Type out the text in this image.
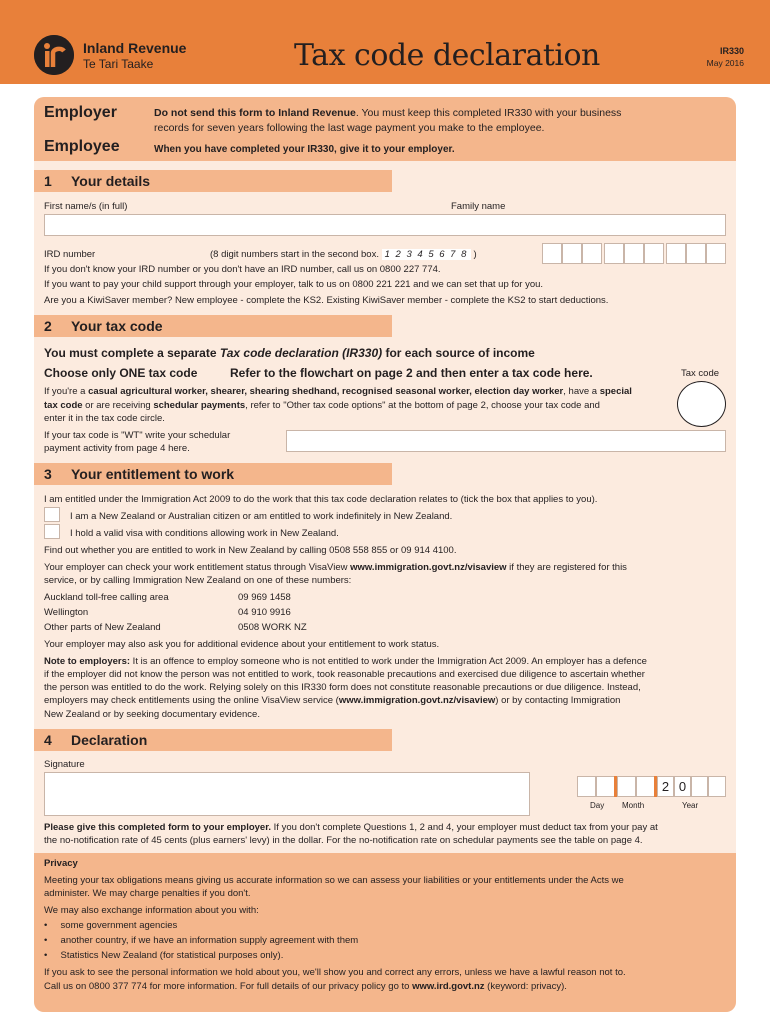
Inland Revenue
Te Tari Taake	Tax code declaration	IR330
May 2016
Employer
Employee
Do not send this form to Inland Revenue. You must keep this completed IR330 with your business
records for seven years following the last wage payment you make to the employee.
When you have completed your IR330, give it to your employer.
1 Your details
First name/s (in full)	Family name
IRD number	(8 digit numbers start in the second box. 1 2 3 4 5 6 7 8 )
If you don't know your IRD number or you don't have an IRD number, call us on 0800 227 774.
If you want to pay your child support through your employer, talk to us on 0800 221 221 and we can set that up for you.
Are you a KiwiSaver member? New employee - complete the KS2. Existing KiwiSaver member - complete the KS2 to start deductions.
2 Your tax code
You must complete a separate Tax code declaration (IR330) for each source of income
Choose only ONE tax code	Refer to the flowchart on page 2 and then enter a tax code here.	Tax code
If you're a casual agricultural worker, shearer, shearing shedhand, recognised seasonal worker, election day worker, have a special
tax code or are receiving schedular payments, refer to "Other tax code options" at the bottom of page 2, choose your tax code and
enter it in the tax code circle.
If your tax code is "WT" write your schedular
payment activity from page 4 here.
3 Your entitlement to work
I am entitled under the Immigration Act 2009 to do the work that this tax code declaration relates to (tick the box that applies to you).
I am a New Zealand or Australian citizen or am entitled to work indefinitely in New Zealand.
I hold a valid visa with conditions allowing work in New Zealand.
Find out whether you are entitled to work in New Zealand by calling 0508 558 855 or 09 914 4100.
Your employer can check your work entitlement status through VisaView www.immigration.govt.nz/visaview if they are registered for this
service, or by calling Immigration New Zealand on one of these numbers:
Auckland toll-free calling area	09 969 1458
Wellington	04 910 9916
Other parts of New Zealand	0508 WORK NZ
Your employer may also ask you for additional evidence about your entitlement to work status.
Note to employers: It is an offence to employ someone who is not entitled to work under the Immigration Act 2009. An employer has a defence
if the employer did not know the person was not entitled to work, took reasonable precautions and exercised due diligence to ascertain whether
the person was entitled to do the work. Relying solely on this IR330 form does not constitute reasonable precautions or due diligence. Instead,
employers may check entitlements using the online VisaView service (www.immigration.govt.nz/visaview) or by contacting Immigration
New Zealand or by seeking documentary evidence.
4 Declaration
Signature
2 0
Day Month	Year
Please give this completed form to your employer. If you don't complete Questions 1, 2 and 4, your employer must deduct tax from your pay at
the no-notification rate of 45 cents (plus earners' levy) in the dollar. For the no-notification rate on schedular payments see the table on page 4.
Privacy
Meeting your tax obligations means giving us accurate information so we can assess your liabilities or your entitlements under the Acts we
administer. We may charge penalties if you don't.
We may also exchange information about you with:
•     some government agencies
•     another country, if we have an information supply agreement with them
•     Statistics New Zealand (for statistical purposes only).
If you ask to see the personal information we hold about you, we'll show you and correct any errors, unless we have a lawful reason not to.
Call us on 0800 377 774 for more information. For full details of our privacy policy go to www.ird.govt.nz (keyword: privacy).
